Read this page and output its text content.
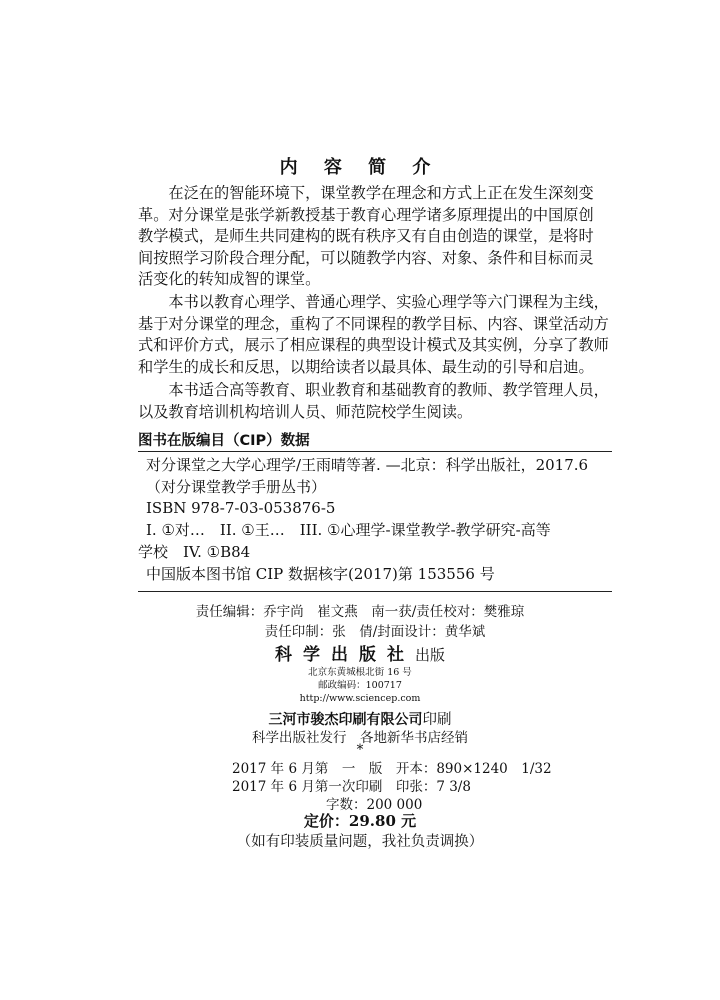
内 容 简 介

在泛在的智能环境下，课堂教学在理念和方式上正在发生深刻变

革。对分课堂是张学新教授基于教育心理学诸多原理提出的中国原创

教学模式，是师生共同建构的既有秩序又有自由创造的课堂，是将时

间按照学习阶段合理分配，可以随教学内容、对象、条件和目标而灵

活变化的转知成智的课堂。

本书以教育心理学、普通心理学、实验心理学等六门课程为主线，

基于对分课堂的理念，重构了不同课程的教学目标、内容、课堂活动方

式和评价方式，展示了相应课程的典型设计模式及其实例，分享了教师

和学生的成长和反思，以期给读者以最具体、最生动的引导和启迪。

本书适合高等教育、职业教育和基础教育的教师、教学管理人员，

以及教育培训机构培训人员、师范院校学生阅读。

图书在版编目（CIP）数据

对分课堂之大学心理学/王雨晴等著. —北京：科学出版社，2017.6

（对分课堂教学手册丛书）

ISBN 978-7-03-053876-5

I. ①对…　II. ①王…　III. ①心理学-课堂教学-教学研究-高等

学校　IV. ①B84

中国版本图书馆 CIP 数据核字(2017)第 153556 号

责任编辑：乔宇尚　崔文燕　南一获/责任校对：樊雅琼
责任印制：张　倩/封面设计：黄华斌
科学出版社出版
北京东黄城根北街 16 号
邮政编码：100717
http://www.sciencep.com
三河市骏杰印刷有限公司印刷
科学出版社发行　各地新华书店经销
*
2017 年 6 月第　一　版　开本：890×1240　1/32
2017 年 6 月第一次印刷　印张：7 3/8
字数：200 000
定价：29.80 元
（如有印装质量问题，我社负责调换）
